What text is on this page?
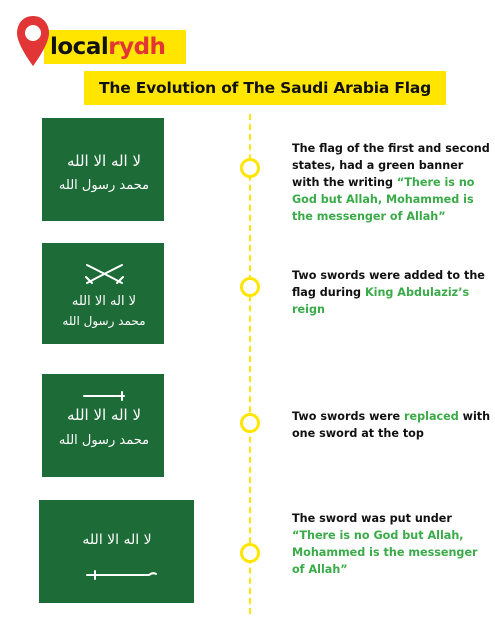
localrydh
The Evolution of The Saudi Arabia Flag
لا اله الا الله
محمد رسول الله
لا اله الا الله
محمد رسول الله
لا اله الا الله
محمد رسول الله
لا اله الا الله
The flag of the first and second states, had a green banner with the writing “There is no God but Allah, Mohammed is the messenger of Allah”
Two swords were added to the flag during King Abdulaziz’s reign
Two swords were replaced with one sword at the top
The sword was put under “There is no God but Allah, Mohammed is the messenger of Allah”
